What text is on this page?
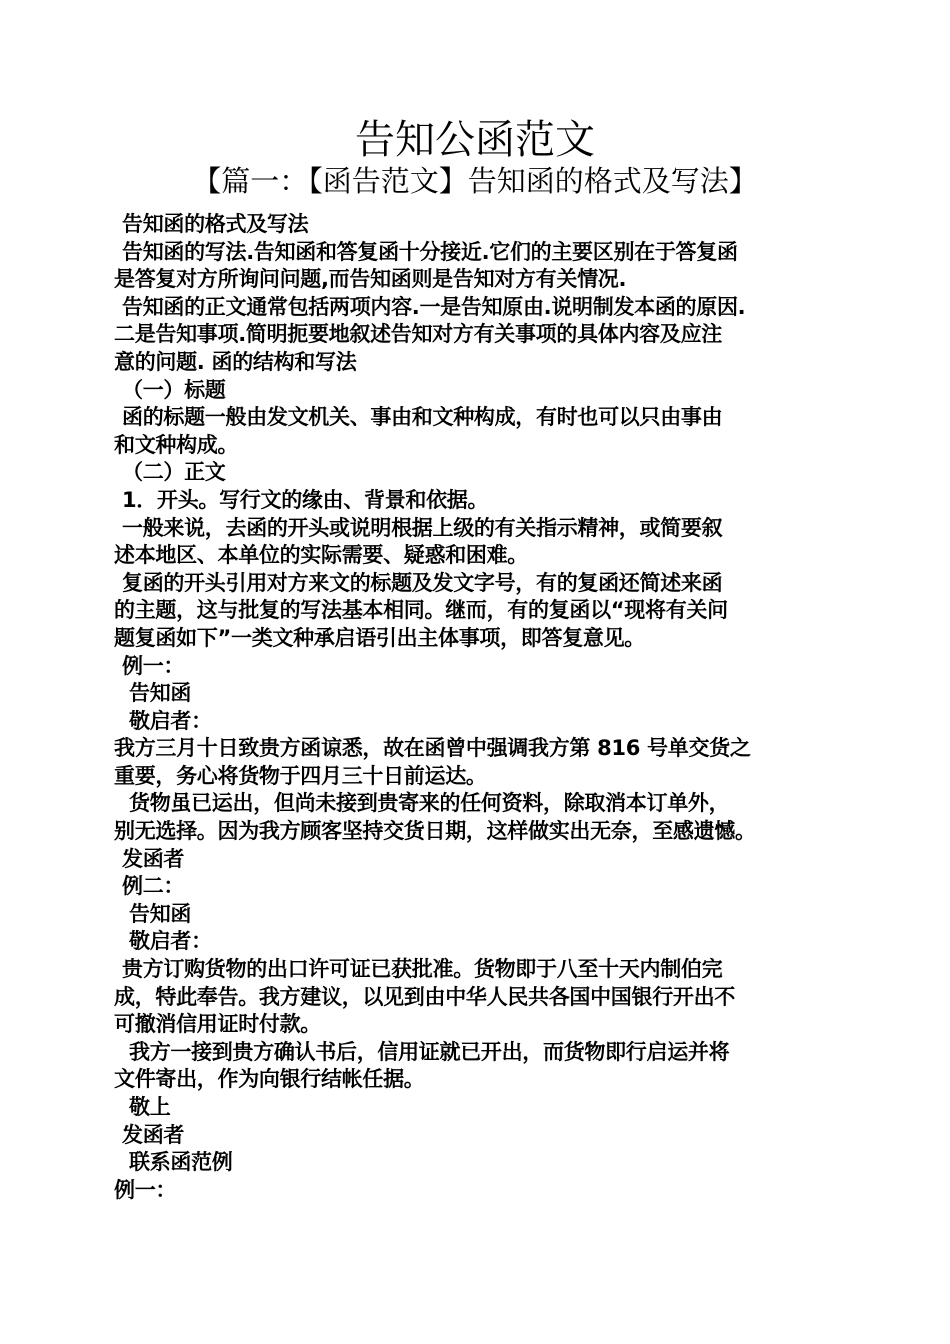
告知公函范文
【篇一：【函告范文】告知函的格式及写法】
告知函的格式及写法
告知函的写法.告知函和答复函十分接近.它们的主要区别在于答复函
是答复对方所询问问题,而告知函则是告知对方有关情况.
告知函的正文通常包括两项内容.一是告知原由.说明制发本函的原因.
二是告知事项.简明扼要地叙述告知对方有关事项的具体内容及应注
意的问题. 函的结构和写法
（一）标题
函的标题一般由发文机关、事由和文种构成，有时也可以只由事由
和文种构成。
（二）正文
1．开头。写行文的缘由、背景和依据。
一般来说，去函的开头或说明根据上级的有关指示精神，或简要叙
述本地区、本单位的实际需要、疑惑和困难。
复函的开头引用对方来文的标题及发文字号，有的复函还简述来函
的主题，这与批复的写法基本相同。继而，有的复函以“现将有关问
题复函如下”一类文种承启语引出主体事项，即答复意见。
例一：
告知函
敬启者：
我方三月十日致贵方函谅悉，故在函曾中强调我方第 816 号单交货之
重要，务心将货物于四月三十日前运达。
货物虽已运出，但尚未接到贵寄来的任何资料，除取消本订单外，
别无选择。因为我方顾客坚持交货日期，这样做实出无奈，至感遗憾。
发函者
例二：
告知函
敬启者：
贵方订购货物的出口许可证已获批准。货物即于八至十天内制伯完
成，特此奉告。我方建议，以见到由中华人民共各国中国银行开出不
可撤消信用证时付款。
我方一接到贵方确认书后，信用证就已开出，而货物即行启运并将
文件寄出，作为向银行结帐任据。
敬上
发函者
联系函范例
例一：
